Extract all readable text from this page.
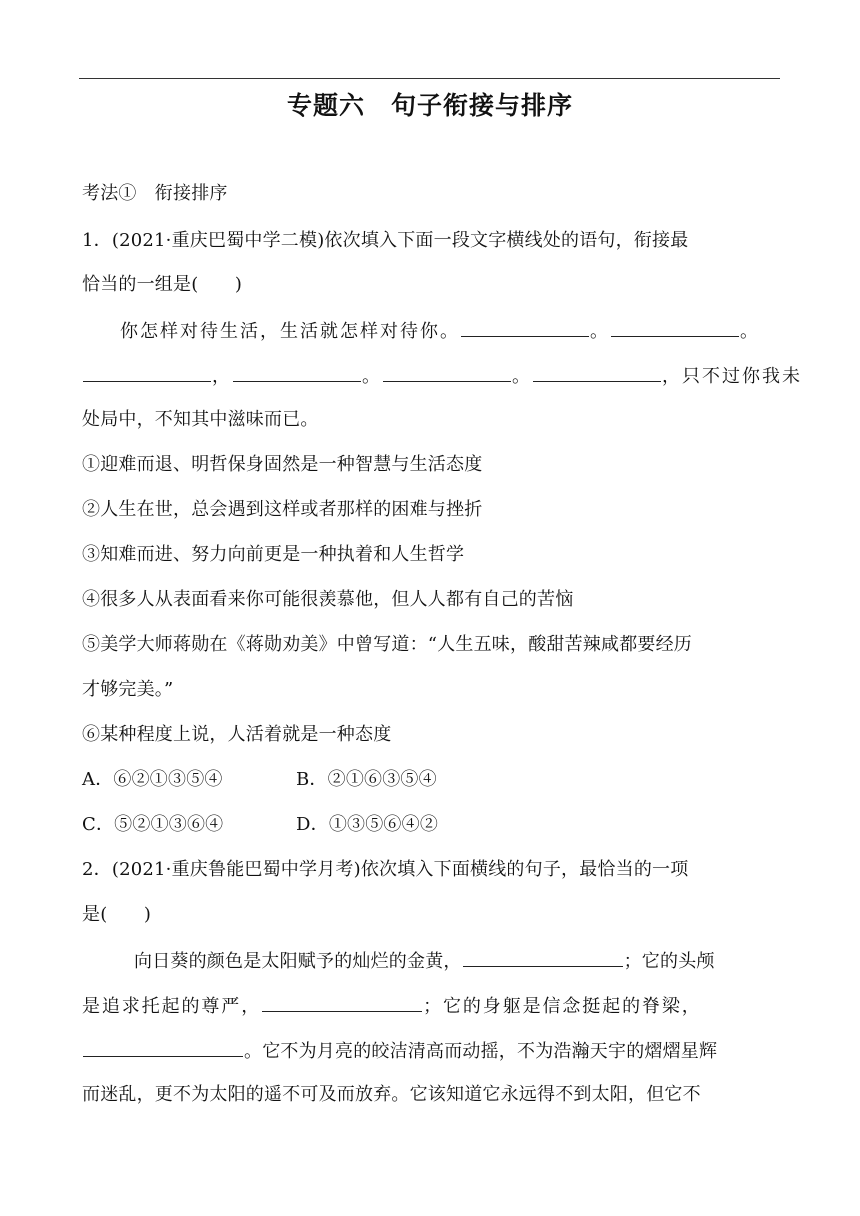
专题六　句子衔接与排序
考法①　衔接排序
1．(2021·重庆巴蜀中学二模)依次填入下面一段文字横线处的语句，衔接最
恰当的一组是(　　)
你怎样对待生活，生活就怎样对待你。	。	。
，	。	。	，只不过你我未
处局中，不知其中滋味而已。
①迎难而退、明哲保身固然是一种智慧与生活态度
②人生在世，总会遇到这样或者那样的困难与挫折
③知难而进、努力向前更是一种执着和人生哲学
④很多人从表面看来你可能很羡慕他，但人人都有自己的苦恼
⑤美学大师蒋勋在《蒋勋劝美》中曾写道：“人生五味，酸甜苦辣咸都要经历
才够完美。”
⑥某种程度上说，人活着就是一种态度
A．⑥②①③⑤④	B．②①⑥③⑤④
C．⑤②①③⑥④	D．①③⑤⑥④②
2．(2021·重庆鲁能巴蜀中学月考)依次填入下面横线的句子，最恰当的一项
是(　　)
向日葵的颜色是太阳赋予的灿烂的金黄，	；它的头颅
是追求托起的尊严，	；它的身躯是信念挺起的脊梁，
。它不为月亮的皎洁清高而动摇，不为浩瀚天宇的熠熠星辉
而迷乱，更不为太阳的遥不可及而放弃。它该知道它永远得不到太阳，但它不
